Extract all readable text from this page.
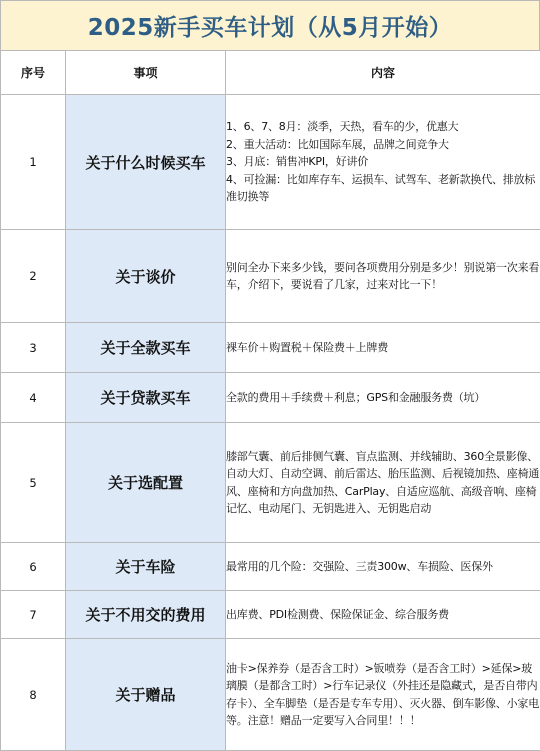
2025新手买车计划（从5月开始）
序号	事项	内容
1	关于什么时候买车	1、6、7、8月：淡季，天热，看车的少，优惠大
2、重大活动：比如国际车展，品牌之间竞争大
3、月底：销售冲KPI，好讲价
4、可捡漏：比如库存车、运损车、试驾车、老新款换代、排放标准切换等

2	关于谈价	别问全办下来多少钱，要问各项费用分别是多少！别说第一次来看车，介绍下，要说看了几家，过来对比一下！

3	关于全款买车	裸车价＋购置税＋保险费＋上牌费

4	关于贷款买车	全款的费用＋手续费＋利息；GPS和金融服务费（坑）

5	关于选配置	膝部气囊、前后排侧气囊、盲点监测、并线辅助、360全景影像、自动大灯、自动空调、前后雷达、胎压监测、后视镜加热、座椅通风、座椅和方向盘加热、CarPlay、自适应巡航、高级音响、座椅记忆、电动尾门、无钥匙进入、无钥匙启动

6	关于车险	最常用的几个险：交强险、三责300w、车损险、医保外

7	关于不用交的费用	出库费、PDI检测费、保险保证金、综合服务费

8	关于赠品	油卡>保养券（是否含工时）>钣喷券（是否含工时）>延保>玻璃膜（是都含工时）>行车记录仪（外挂还是隐藏式，是否自带内存卡）、全车脚垫（是否是专车专用）、灭火器、倒车影像、小家电等。注意！赠品一定要写入合同里！！！
